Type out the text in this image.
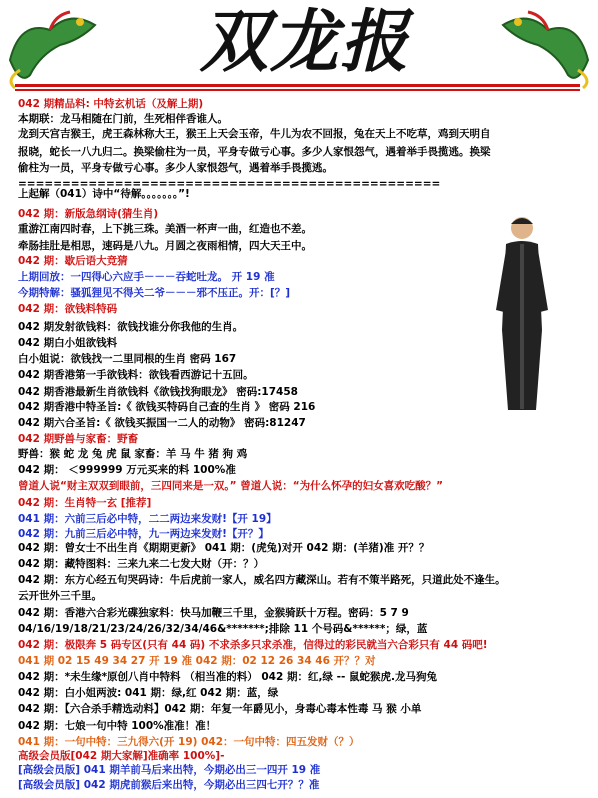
双龙报
042 期精品料: 中特玄机话（及解上期)
本期联：龙马相随在门前，生死相伴香谁人。
龙到天宫吉猴王，虎王森林称大王，猴王上天会玉帝，牛儿为农不回报，兔在天上不吃草，鸡到天明自
报晓，蛇长一八九归二。换梁偷柱为一员，平身专做亏心事。多少人家恨怨气，遇着举手畏揽逃。换梁
偷柱为一员，平身专做亏心事。多少人家恨怨气，遇着举手畏揽逃。
================================================
上起解（041）诗中“待解。。。。。。。”!
042 期：新版急纲诗(猜生肖)
重游江南四时春，上下挑三珠。美酒一杯声一曲，红造也不差。
牵肠挂肚是相思，速码是八九。月圆之夜雨相情，四大天王中。
042 期：歇后语大竞猜
上期回放：一四得心六应手－－－吞蛇吐龙。 开 19 准
今期特解：骚狐狸见不得关二爷－－－邪不压正。开：[？]
042 期：欲钱料特码
042 期发射欲钱料：欲钱找谁分你我他的生肖。
042 期白小姐欲钱料
白小姐说：欲钱找一二里同根的生肖 密码 167
042 期香港第一手欲钱料：欲钱看西游记十五回。
042 期香港最新生肖欲钱料《欲钱找狗眼龙》 密码:17458
042 期香港中特圣旨:《 欲钱买特码自己查的生肖 》 密码 216
042 期六合圣旨:《 欲钱买振国一二人的动物》 密码:81247
042 期野兽与家畜：野畜
野兽：猴 蛇 龙 兔 虎 鼠 家畜：羊 马 牛 猪 狗 鸡
042 期： ＜999999 万元买来的料 100%准
曾道人说“财主双双到眼前，三四同来是一双。” 曾道人说：“为什么怀孕的妇女喜欢吃酸？”
042 期：生肖特一玄 [推荐]
041 期：六前三后必中特，二二两边来发财!【开 19】
042 期：九前三后必中特，九一两边来发财!【开？】
042 期：曾女士不出生肖《期期更新》 041 期：(虎兔)对开 042 期：(羊猪)准 开？？
042 期：藏特图料：三来九来二七发大财（开：？）
042 期：东方心经五句哭码诗：牛后虎前一家人，威名四方藏深山。若有不策半路死，只道此处不逢生。
云开世外三千里。
042 期：香港六合彩光碟独家料：快马加鞭三千里，金猴骑跃十万程。密码：5 7 9
04/16/19/18/21/23/24/26/32/34/46&*******;排除 11 个号码&******；绿，蓝
042 期：极限奔 5 码专区(只有 44 码) 不求杀多只求杀准，信得过的彩民就当六合彩只有 44 码吧!
041 期 02 15 49 34 27 开 19 准 042 期：02 12 26 34 46 开？？对
042 期：*未生缘*原创八肖中特料 （相当准的料） 042 期：红,绿 -- 鼠蛇猴虎.龙马狗兔
042 期：白小姐两波: 041 期：绿,红 042 期：蓝，绿
042 期：【六合杀手精选动料】042 期：年复一年爵见小，身毒心毒本性毒 马 猴 小单
042 期：七娘一句中特 100%准准！准！
041 期：一句中特：三九得六(开 19) 042：一句中特：四五发财（？）
高级会员版[042 期大家解]准确率 100%]-
[高级会员版] 041 期羊前马后来出特，今期必出三一四开 19 准
[高级会员版] 042 期虎前猴后来出特，今期必出三四七开？？准
